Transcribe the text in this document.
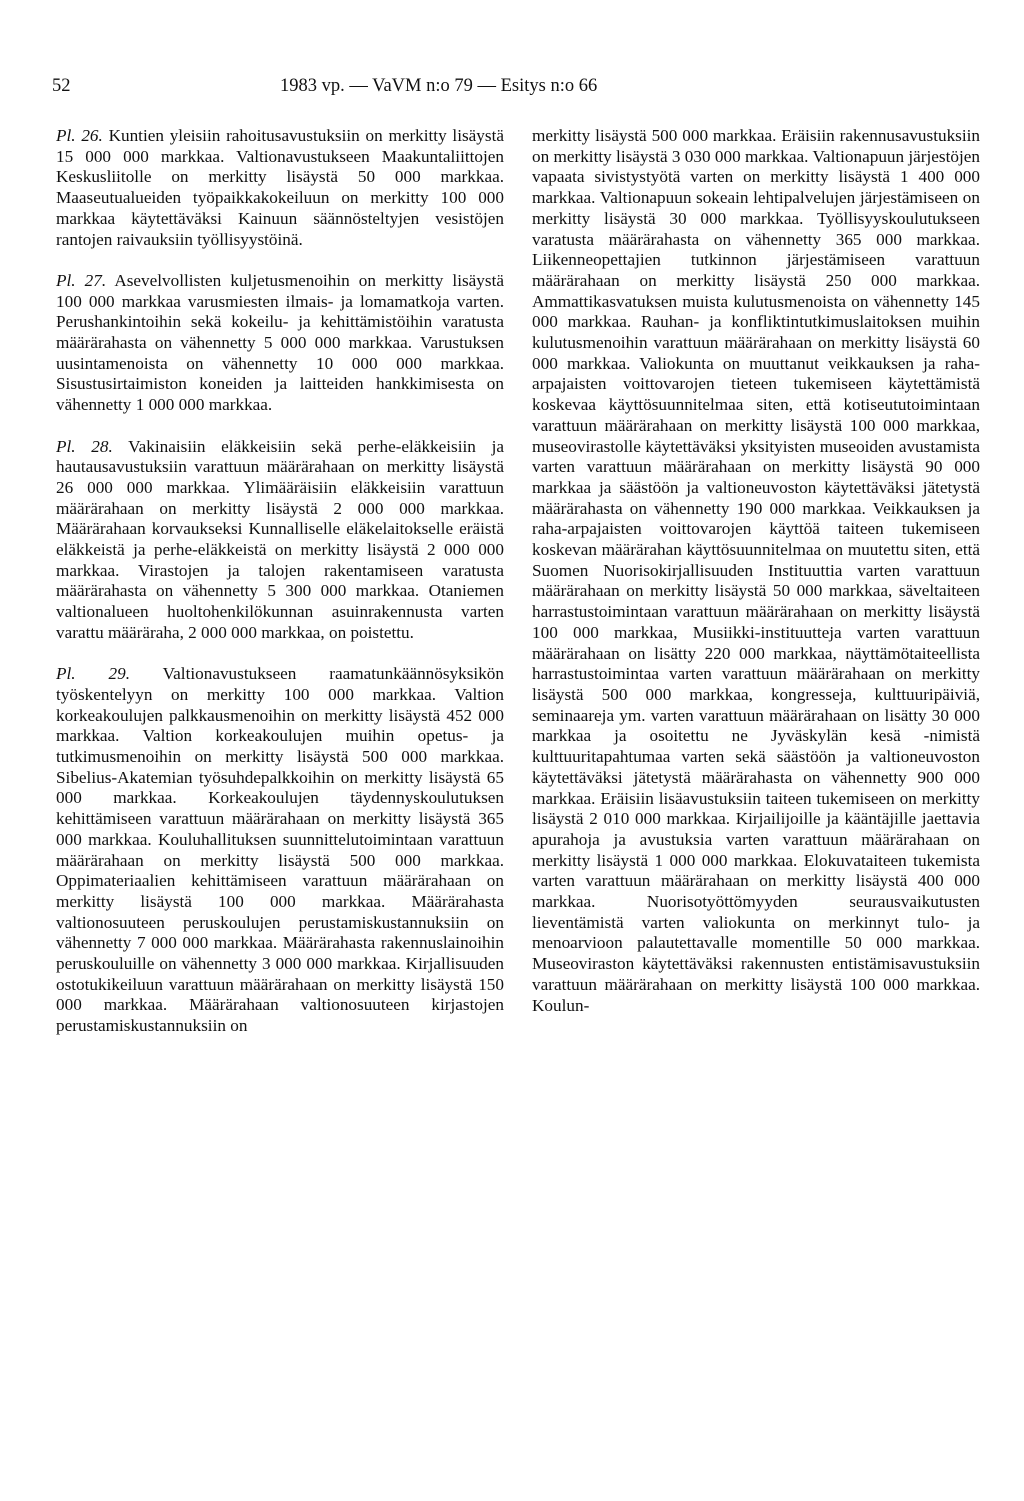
52	1983 vp. — VaVM n:o 79 — Esitys n:o 66

Pl. 26. Kuntien yleisiin rahoitusavustuksiin on merkitty lisäystä 15 000 000 markkaa. Valtionavustukseen Maakuntaliittojen Keskusliitolle on merkitty lisäystä 50 000 markkaa. Maaseutualueiden työpaikkakokeiluun on merkitty 100 000 markkaa käytettäväksi Kainuun säännösteltyjen vesistöjen rantojen raivauksiin työllisyystöinä.

Pl. 27. Asevelvollisten kuljetusmenoihin on merkitty lisäystä 100 000 markkaa varusmiesten ilmais- ja lomamatkoja varten. Perushankintoihin sekä kokeilu- ja kehittämistöihin varatusta määrärahasta on vähennetty 5 000 000 markkaa. Varustuksen uusintamenoista on vähennetty 10 000 000 markkaa. Sisustusirtaimiston koneiden ja laitteiden hankkimisesta on vähennetty 1 000 000 markkaa.

Pl. 28. Vakinaisiin eläkkeisiin sekä perhe-eläkkeisiin ja hautausavustuksiin varattuun määrärahaan on merkitty lisäystä 26 000 000 markkaa. Ylimääräisiin eläkkeisiin varattuun määrärahaan on merkitty lisäystä 2 000 000 markkaa. Määrärahaan korvaukseksi Kunnalliselle eläkelaitokselle eräistä eläkkeistä ja perhe-eläkkeistä on merkitty lisäystä 2 000 000 markkaa. Virastojen ja talojen rakentamiseen varatusta määrärahasta on vähennetty 5 300 000 markkaa. Otaniemen valtionalueen huoltohenkilökunnan asuinrakennusta varten varattu määräraha, 2 000 000 markkaa, on poistettu.

Pl. 29. Valtionavustukseen raamatunkäännösyksikön työskentelyyn on merkitty 100 000 markkaa. Valtion korkeakoulujen palkkausmenoihin on merkitty lisäystä 452 000 markkaa. Valtion korkeakoulujen muihin opetus- ja tutkimusmenoihin on merkitty lisäystä 500 000 markkaa. Sibelius-Akatemian työsuhdepalkkoihin on merkitty lisäystä 65 000 markkaa. Korkeakoulujen täydennyskoulutuksen kehittämiseen varattuun määrärahaan on merkitty lisäystä 365 000 markkaa. Kouluhallituksen suunnittelutoimintaan varattuun määrärahaan on merkitty lisäystä 500 000 markkaa. Oppimateriaalien kehittämiseen varattuun määrärahaan on merkitty lisäystä 100 000 markkaa. Määrärahasta valtionosuuteen peruskoulujen perustamiskustannuksiin on vähennetty 7 000 000 markkaa. Määrärahasta rakennuslainoihin peruskouluille on vähennetty 3 000 000 markkaa. Kirjallisuuden ostotukikeiluun varattuun määrärahaan on merkitty lisäystä 150 000 markkaa. Määrärahaan valtionosuuteen kirjastojen perustamiskustannuksiin on

merkitty lisäystä 500 000 markkaa. Eräisiin rakennusavustuksiin on merkitty lisäystä 3 030 000 markkaa. Valtionapuun järjestöjen vapaata sivistystyötä varten on merkitty lisäystä 1 400 000 markkaa. Valtionapuun sokeain lehtipalvelujen järjestämiseen on merkitty lisäystä 30 000 markkaa. Työllisyyskoulutukseen varatusta määrärahasta on vähennetty 365 000 markkaa. Liikenneopettajien tutkinnon järjestämiseen varattuun määrärahaan on merkitty lisäystä 250 000 markkaa. Ammattikasvatuksen muista kulutusmenoista on vähennetty 145 000 markkaa. Rauhan- ja konfliktintutkimuslaitoksen muihin kulutusmenoihin varattuun määrärahaan on merkitty lisäystä 60 000 markkaa. Valiokunta on muuttanut veikkauksen ja raha-arpajaisten voittovarojen tieteen tukemiseen käytettämistä koskevaa käyttösuunnitelmaa siten, että kotiseututoimintaan varattuun määrärahaan on merkitty lisäystä 100 000 markkaa, museovirastolle käytettäväksi yksityisten museoiden avustamista varten varattuun määrärahaan on merkitty lisäystä 90 000 markkaa ja säästöön ja valtioneuvoston käytettäväksi jätetystä määrärahasta on vähennetty 190 000 markkaa. Veikkauksen ja raha-arpajaisten voittovarojen käyttöä taiteen tukemiseen koskevan määrärahan käyttösuunnitelmaa on muutettu siten, että Suomen Nuorisokirjallisuuden Instituuttia varten varattuun määrärahaan on merkitty lisäystä 50 000 markkaa, säveltaiteen harrastustoimintaan varattuun määrärahaan on merkitty lisäystä 100 000 markkaa, Musiikki-instituutteja varten varattuun määrärahaan on lisätty 220 000 markkaa, näyttämötaiteellista harrastustoimintaa varten varattuun määrärahaan on merkitty lisäystä 500 000 markkaa, kongresseja, kulttuuripäiviä, seminaareja ym. varten varattuun määrärahaan on lisätty 30 000 markkaa ja osoitettu ne Jyväskylän kesä -nimistä kulttuuritapahtumaa varten sekä säästöön ja valtioneuvoston käytettäväksi jätetystä määrärahasta on vähennetty 900 000 markkaa. Eräisiin lisäavustuksiin taiteen tukemiseen on merkitty lisäystä 2 010 000 markkaa. Kirjailijoille ja kääntäjille jaettavia apurahoja ja avustuksia varten varattuun määrärahaan on merkitty lisäystä 1 000 000 markkaa. Elokuvataiteen tukemista varten varattuun määrärahaan on merkitty lisäystä 400 000 markkaa. Nuorisotyöttömyyden seurausvaikutusten lieventämistä varten valiokunta on merkinnyt tulo- ja menoarvioon palautettavalle momentille 50 000 markkaa. Museoviraston käytettäväksi rakennusten entistämisavustuksiin varattuun määrärahaan on merkitty lisäystä 100 000 markkaa. Koulun-
